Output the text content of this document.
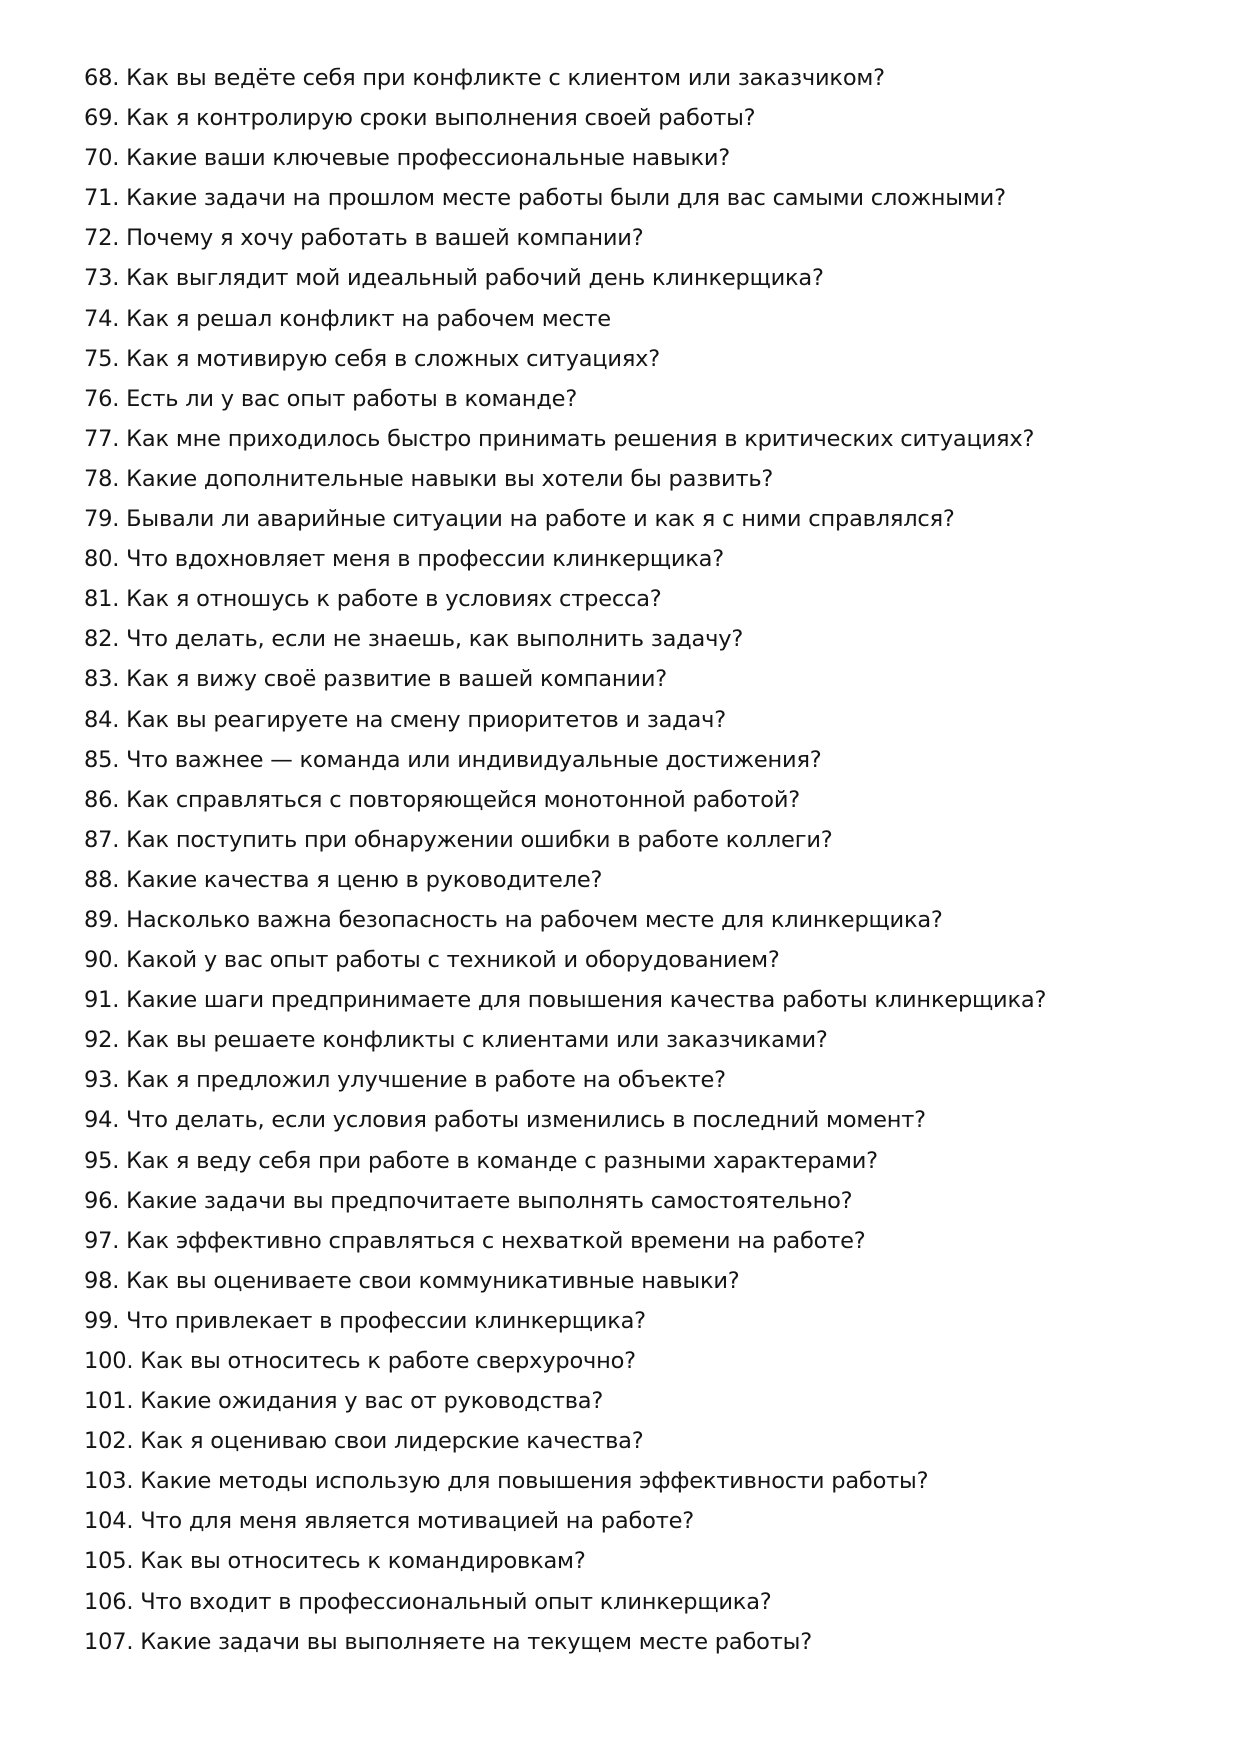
68. Как вы ведёте себя при конфликте с клиентом или заказчиком?
69. Как я контролирую сроки выполнения своей работы?
70. Какие ваши ключевые профессиональные навыки?
71. Какие задачи на прошлом месте работы были для вас самыми сложными?
72. Почему я хочу работать в вашей компании?
73. Как выглядит мой идеальный рабочий день клинкерщика?
74. Как я решал конфликт на рабочем месте
75. Как я мотивирую себя в сложных ситуациях?
76. Есть ли у вас опыт работы в команде?
77. Как мне приходилось быстро принимать решения в критических ситуациях?
78. Какие дополнительные навыки вы хотели бы развить?
79. Бывали ли аварийные ситуации на работе и как я с ними справлялся?
80. Что вдохновляет меня в профессии клинкерщика?
81. Как я отношусь к работе в условиях стресса?
82. Что делать, если не знаешь, как выполнить задачу?
83. Как я вижу своё развитие в вашей компании?
84. Как вы реагируете на смену приоритетов и задач?
85. Что важнее — команда или индивидуальные достижения?
86. Как справляться с повторяющейся монотонной работой?
87. Как поступить при обнаружении ошибки в работе коллеги?
88. Какие качества я ценю в руководителе?
89. Насколько важна безопасность на рабочем месте для клинкерщика?
90. Какой у вас опыт работы с техникой и оборудованием?
91. Какие шаги предпринимаете для повышения качества работы клинкерщика?
92. Как вы решаете конфликты с клиентами или заказчиками?
93. Как я предложил улучшение в работе на объекте?
94. Что делать, если условия работы изменились в последний момент?
95. Как я веду себя при работе в команде с разными характерами?
96. Какие задачи вы предпочитаете выполнять самостоятельно?
97. Как эффективно справляться с нехваткой времени на работе?
98. Как вы оцениваете свои коммуникативные навыки?
99. Что привлекает в профессии клинкерщика?
100. Как вы относитесь к работе сверхурочно?
101. Какие ожидания у вас от руководства?
102. Как я оцениваю свои лидерские качества?
103. Какие методы использую для повышения эффективности работы?
104. Что для меня является мотивацией на работе?
105. Как вы относитесь к командировкам?
106. Что входит в профессиональный опыт клинкерщика?
107. Какие задачи вы выполняете на текущем месте работы?
